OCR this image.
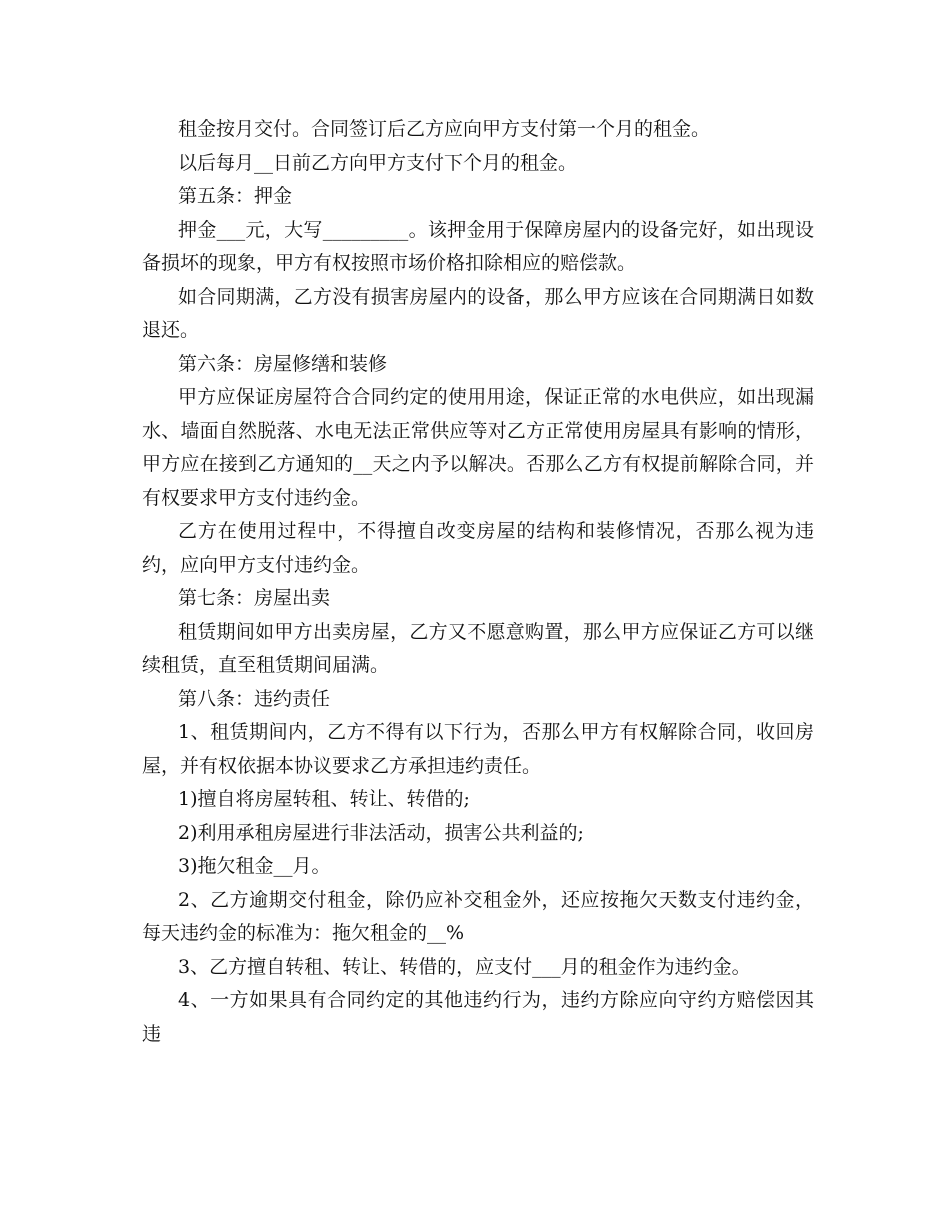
租金按月交付。合同签订后乙方应向甲方支付第一个月的租金。

以后每月__日前乙方向甲方支付下个月的租金。

第五条：押金

押金___元，大写_________。该押金用于保障房屋内的设备完好，如出现设备损坏的现象，甲方有权按照市场价格扣除相应的赔偿款。

如合同期满，乙方没有损害房屋内的设备，那么甲方应该在合同期满日如数退还。

第六条：房屋修缮和装修

甲方应保证房屋符合合同约定的使用用途，保证正常的水电供应，如出现漏水、墙面自然脱落、水电无法正常供应等对乙方正常使用房屋具有影响的情形，甲方应在接到乙方通知的__天之内予以解决。否那么乙方有权提前解除合同，并有权要求甲方支付违约金。

乙方在使用过程中，不得擅自改变房屋的结构和装修情况，否那么视为违约，应向甲方支付违约金。

第七条：房屋出卖

租赁期间如甲方出卖房屋，乙方又不愿意购置，那么甲方应保证乙方可以继续租赁，直至租赁期间届满。

第八条：违约责任

1、租赁期间内，乙方不得有以下行为，否那么甲方有权解除合同，收回房屋，并有权依据本协议要求乙方承担违约责任。

1)擅自将房屋转租、转让、转借的;

2)利用承租房屋进行非法活动，损害公共利益的;

3)拖欠租金__月。

2、乙方逾期交付租金，除仍应补交租金外，还应按拖欠天数支付违约金，每天违约金的标准为：拖欠租金的__%

3、乙方擅自转租、转让、转借的，应支付___月的租金作为违约金。

4、一方如果具有合同约定的其他违约行为，违约方除应向守约方赔偿因其违
